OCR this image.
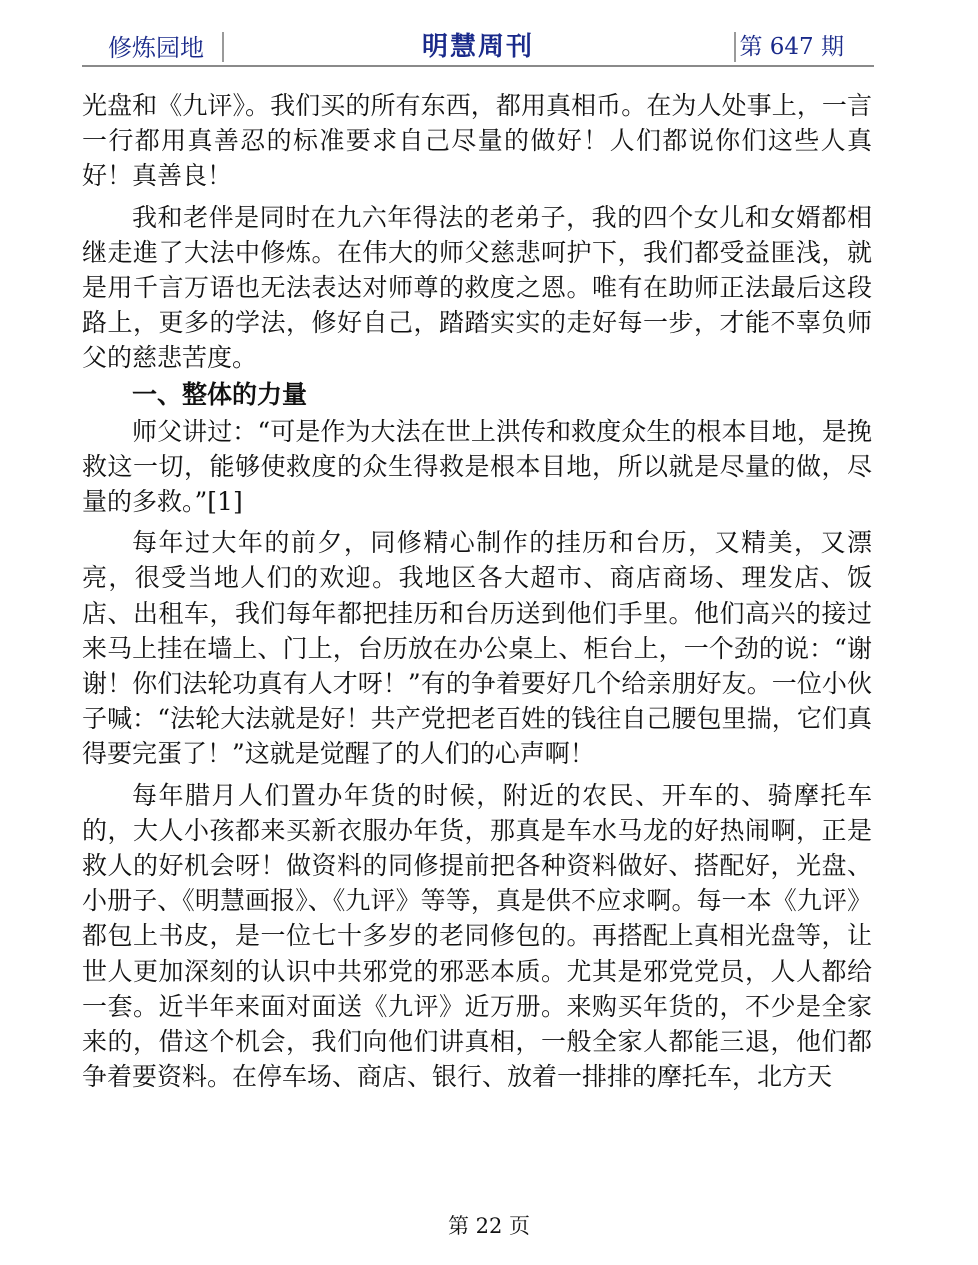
修炼园地	明慧周刊	第 647 期

光盘和《九评》。我们买的所有东西，都用真相币。在为人处事上，一言一行都用真善忍的标准要求自己尽量的做好！人们都说你们这些人真好！真善良！

我和老伴是同时在九六年得法的老弟子，我的四个女儿和女婿都相继走進了大法中修炼。在伟大的师父慈悲呵护下，我们都受益匪浅，就是用千言万语也无法表达对师尊的救度之恩。唯有在助师正法最后这段路上，更多的学法，修好自己，踏踏实实的走好每一步，才能不辜负师父的慈悲苦度。

一、整体的力量

师父讲过：“可是作为大法在世上洪传和救度众生的根本目地，是挽救这一切，能够使救度的众生得救是根本目地，所以就是尽量的做，尽量的多救。”[1]

每年过大年的前夕，同修精心制作的挂历和台历，又精美，又漂亮，很受当地人们的欢迎。我地区各大超市、商店商场、理发店、饭店、出租车，我们每年都把挂历和台历送到他们手里。他们高兴的接过来马上挂在墙上、门上，台历放在办公桌上、柜台上，一个劲的说：“谢谢！你们法轮功真有人才呀！”有的争着要好几个给亲朋好友。一位小伙子喊：“法轮大法就是好！共产党把老百姓的钱往自己腰包里揣，它们真得要完蛋了！”这就是觉醒了的人们的心声啊！

每年腊月人们置办年货的时候，附近的农民、开车的、骑摩托车的，大人小孩都来买新衣服办年货，那真是车水马龙的好热闹啊，正是救人的好机会呀！做资料的同修提前把各种资料做好、搭配好，光盘、小册子、《明慧画报》、《九评》等等，真是供不应求啊。每一本《九评》都包上书皮，是一位七十多岁的老同修包的。再搭配上真相光盘等，让世人更加深刻的认识中共邪党的邪恶本质。尤其是邪党党员，人人都给一套。近半年来面对面送《九评》近万册。来购买年货的，不少是全家来的，借这个机会，我们向他们讲真相，一般全家人都能三退，他们都争着要资料。在停车场、商店、银行、放着一排排的摩托车，北方天

第 22 页
